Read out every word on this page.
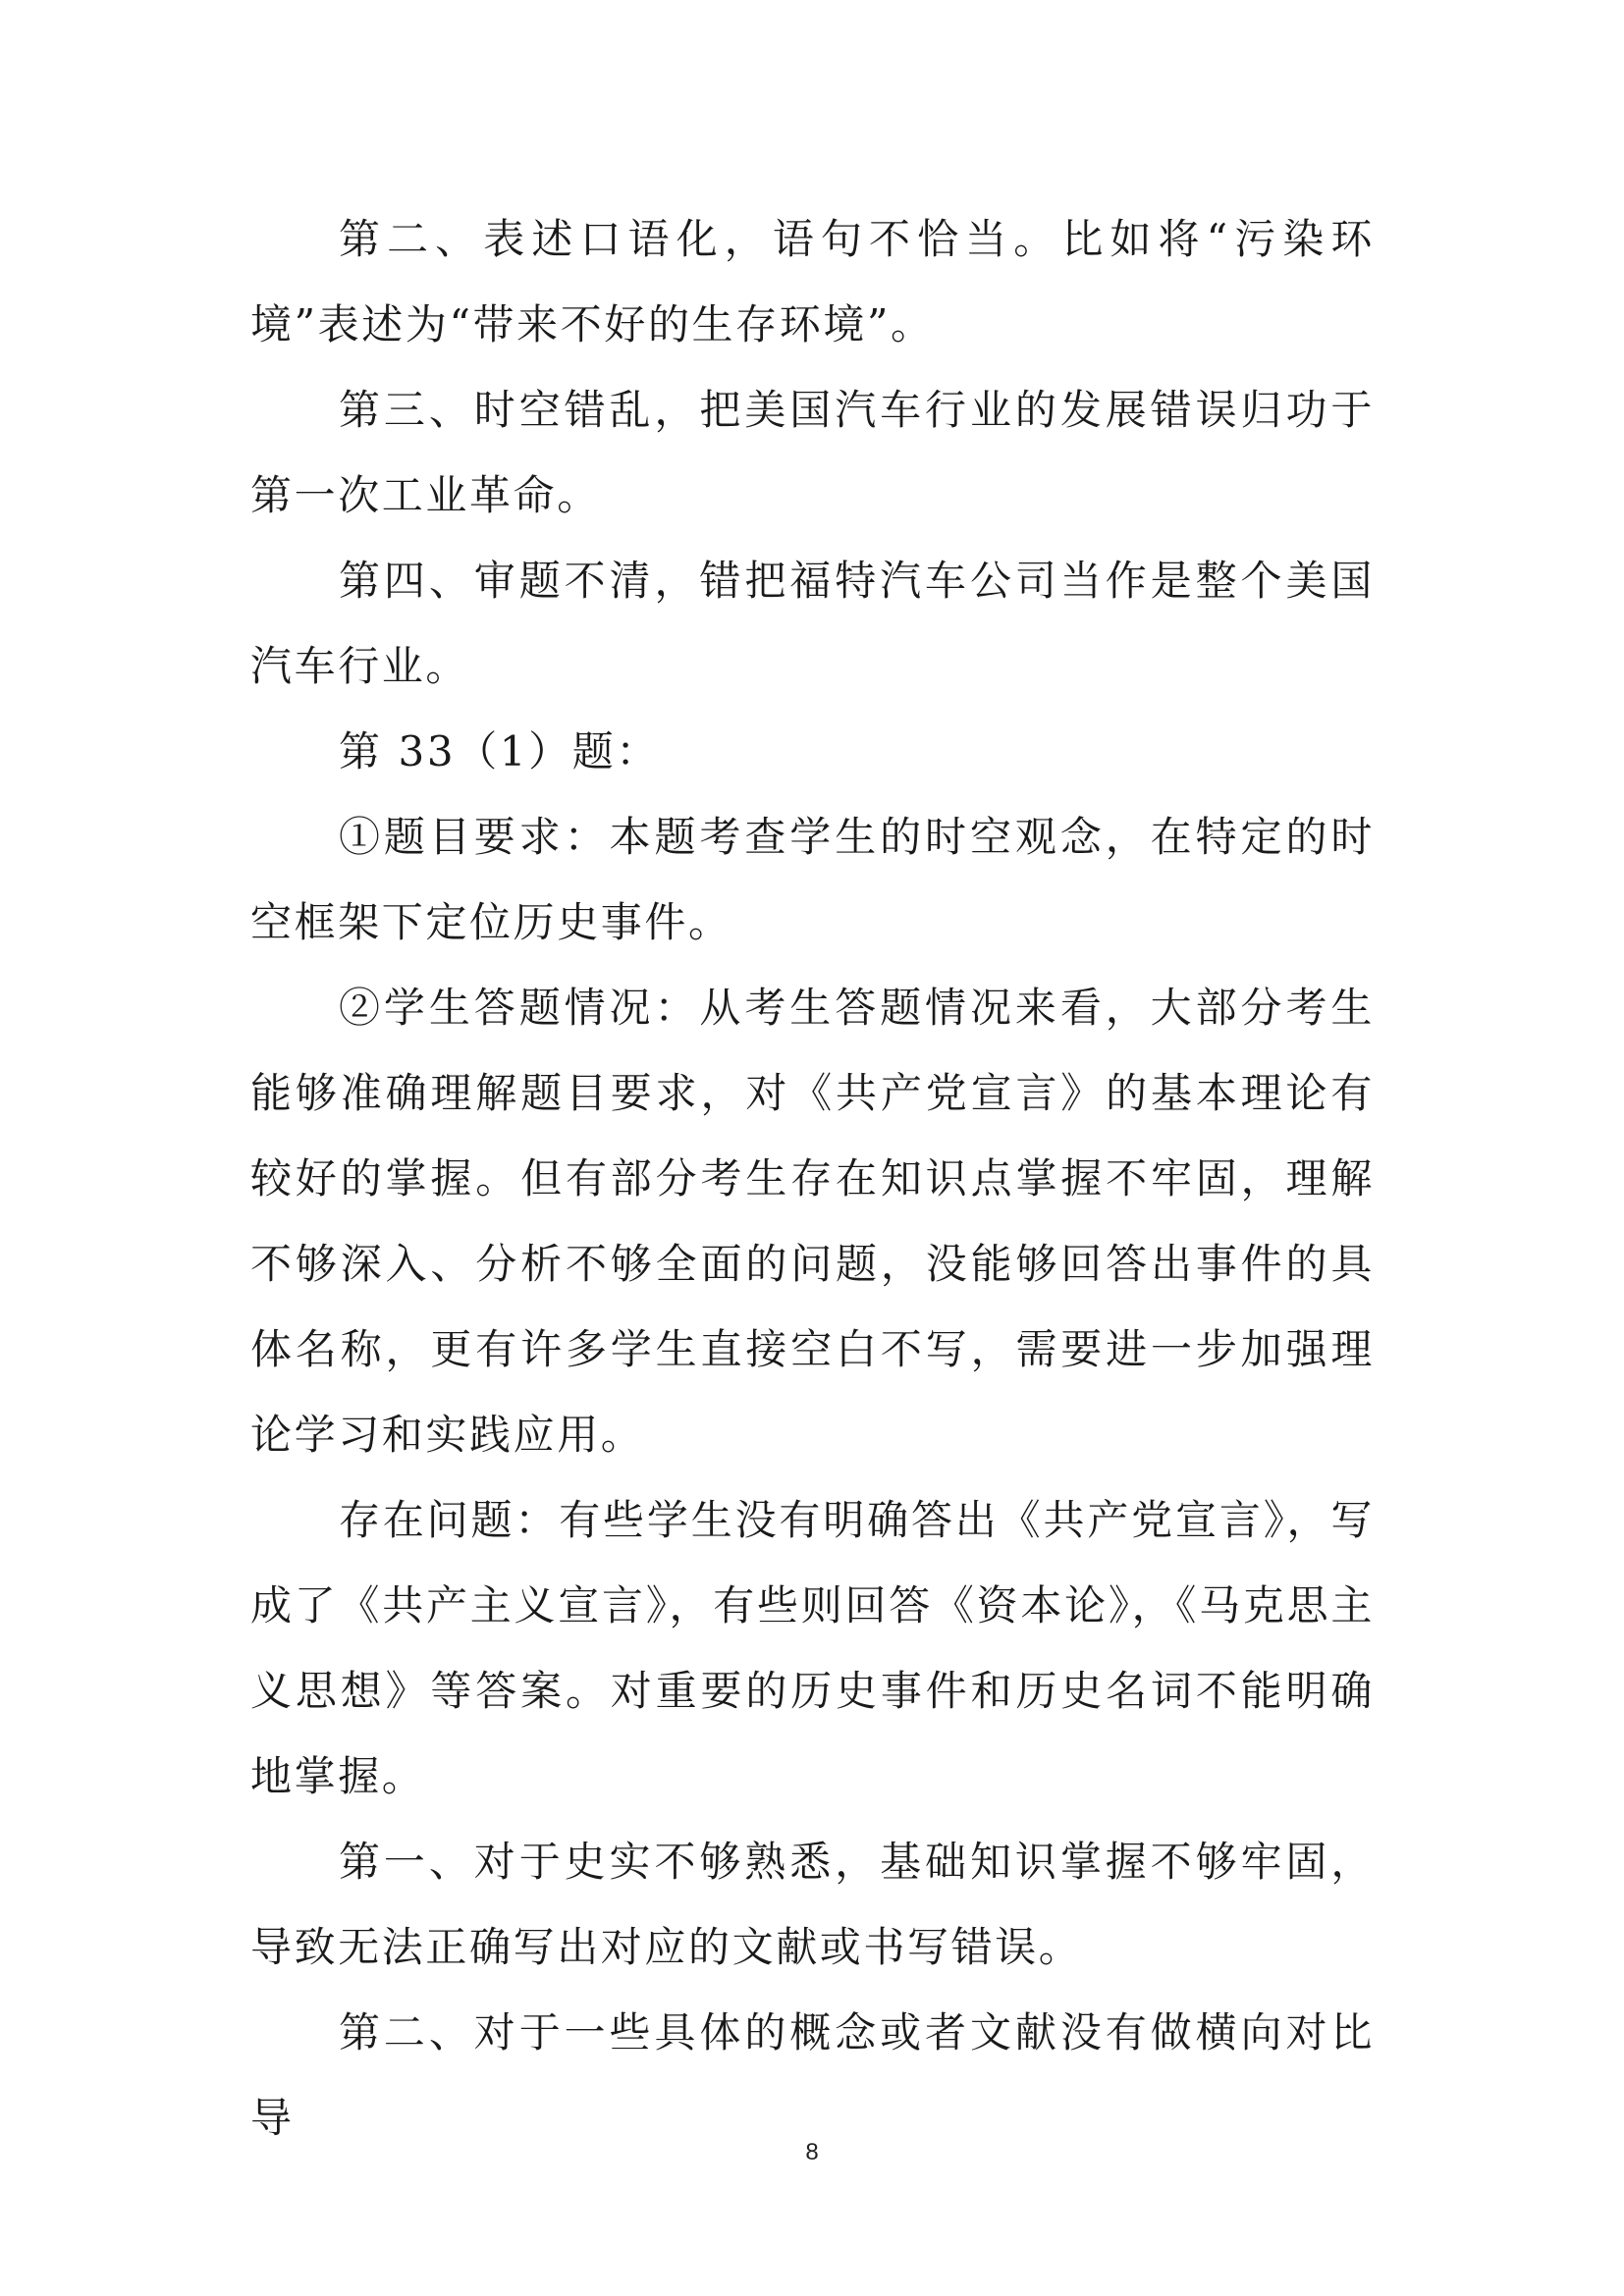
第二、表述口语化，语句不恰当。比如将“污染环境”表述为“带来不好的生存环境”。

第三、时空错乱，把美国汽车行业的发展错误归功于第一次工业革命。

第四、审题不清，错把福特汽车公司当作是整个美国汽车行业。

第 33（1）题：

①题目要求：本题考查学生的时空观念，在特定的时空框架下定位历史事件。

②学生答题情况：从考生答题情况来看，大部分考生能够准确理解题目要求，对《共产党宣言》的基本理论有较好的掌握。但有部分考生存在知识点掌握不牢固，理解不够深入、分析不够全面的问题，没能够回答出事件的具体名称，更有许多学生直接空白不写，需要进一步加强理论学习和实践应用。

存在问题：有些学生没有明确答出《共产党宣言》，写成了《共产主义宣言》，有些则回答《资本论》，《马克思主义思想》等答案。对重要的历史事件和历史名词不能明确地掌握。

第一、对于史实不够熟悉，基础知识掌握不够牢固，导致无法正确写出对应的文献或书写错误。

第二、对于一些具体的概念或者文献没有做横向对比导

8
